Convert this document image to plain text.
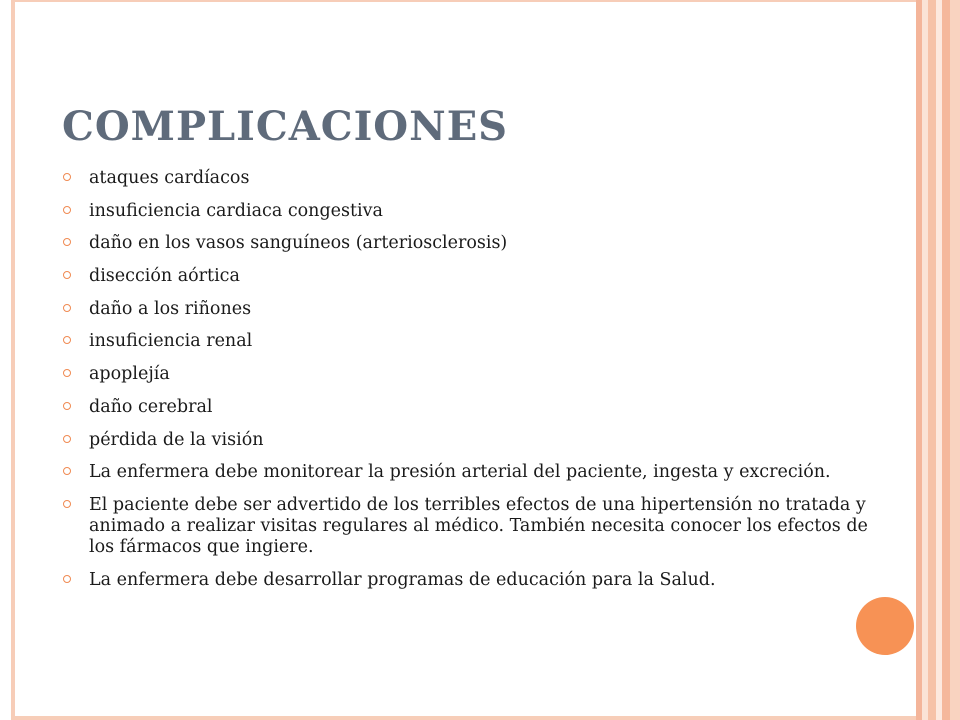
COMPLICACIONES
ataques cardíacos
insuficiencia cardiaca congestiva
daño en los vasos sanguíneos (arteriosclerosis)
disección aórtica
daño a los riñones
insuficiencia renal
apoplejía
daño cerebral
pérdida de la visión
La enfermera debe monitorear la presión arterial del paciente, ingesta y excreción.
El paciente debe ser advertido de los terribles efectos de una hipertensión no tratada y animado a realizar visitas regulares al médico. También necesita conocer los efectos de los fármacos que ingiere.
La enfermera debe desarrollar programas de educación para la Salud.
